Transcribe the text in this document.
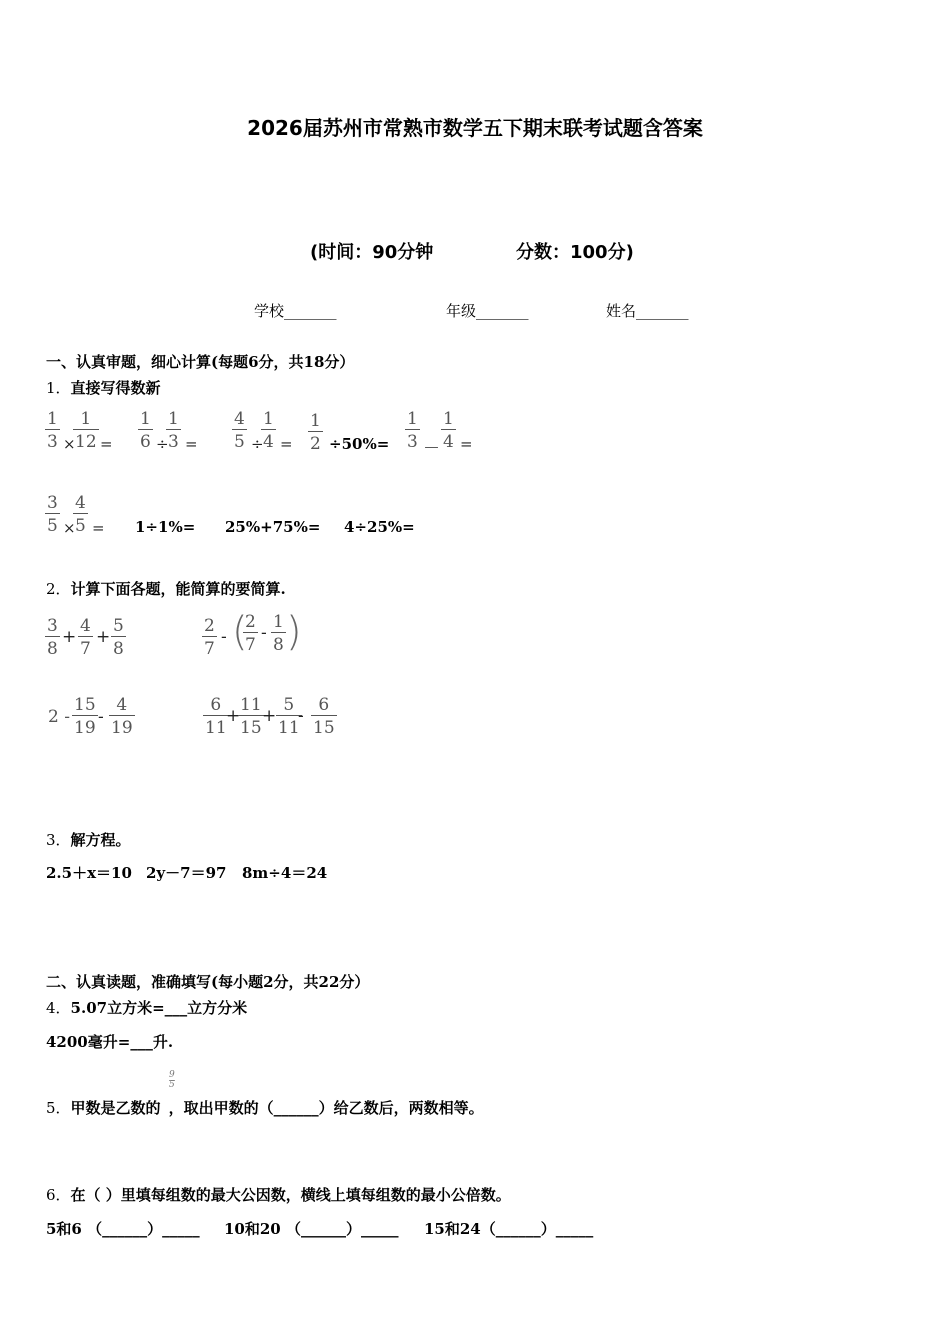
2026届苏州市常熟市数学五下期末联考试题含答案
(时间：90分钟	分数：100分)
学校_______	年级_______	姓名_______
一、认真审题，细心计算(每题6分，共18分）
1．直接写得数新
$\frac{1}{3}$ ×
$\frac{1}{12} = \frac{1}{6}$ ÷
$\frac{1}{3} = \frac{4}{5}$ ÷
$\frac{1}{4} = \frac{1}{2} \div 50\%= \frac{1}{3} - \frac{1}{4}$ =
$\frac{3}{5}$ ×
$\frac{4}{5} = 1\div 1\%= 25\%+75\%= 4\div 25\%=$
2．计算下面各题，能简算的要简算.
$\frac{3}{8} + \frac{4}{7} + \frac{5}{8}$	$\frac{2}{7}$ - (
$\frac{2}{7} - \frac{1}{8}$ )
$2 - \frac{15}{19} - \frac{4}{19}$	$\frac{6}{11}$
+
$\frac{11}{15}$
+ $\frac{5}{11}$
- $\frac{6}{15}$
3．解方程。
2.5＋x＝10 2y－7＝97 8m÷4＝24
二、认真读题，准确填写(每小题2分，共22分）
4．5.07立方米=___立方分米
4200毫升=___升.
5．甲数是乙数的 ，取出甲数的（______）给乙数后，两数相等。
$\frac{9}{5}$
6．在（ ）里填每组数的最大公因数，横线上填每组数的最小公倍数。
5和6 （______）_____ 10和20 （______）_____ 15和24（______）_____
